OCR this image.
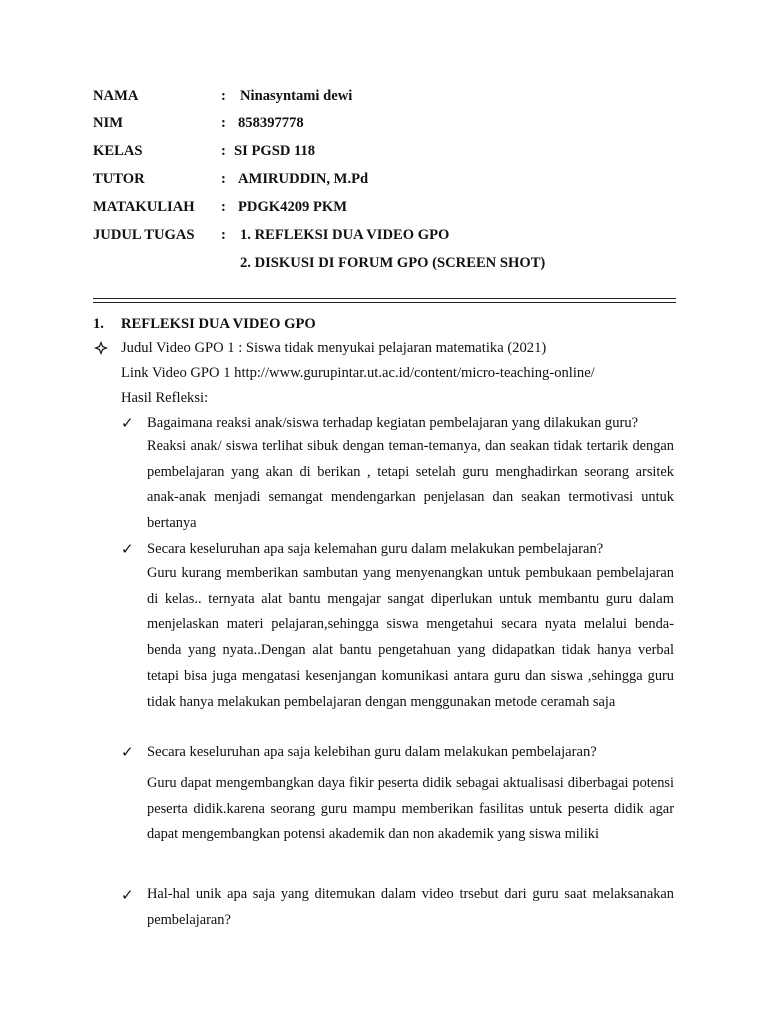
NAMA	: Ninasyntami dewi
NIM	: 858397778
KELAS	: SI PGSD 118
TUTOR	: AMIRUDDIN, M.Pd
MATAKULIAH : PDGK4209 PKM
JUDUL TUGAS : 1. REFLEKSI DUA VIDEO GPO
2. DISKUSI DI FORUM GPO (SCREEN SHOT)
1. REFLEKSI DUA VIDEO GPO
Judul Video GPO 1 : Siswa tidak menyukai pelajaran matematika (2021)
Link Video GPO 1 http://www.gurupintar.ut.ac.id/content/micro-teaching-online/
Hasil Refleksi:
✓ Bagaimana reaksi anak/siswa terhadap kegiatan pembelajaran yang dilakukan guru?
Reaksi anak/ siswa terlihat sibuk dengan teman-temanya, dan seakan tidak tertarik dengan pembelajaran yang akan di berikan , tetapi setelah guru menghadirkan seorang arsitek anak-anak menjadi semangat mendengarkan penjelasan dan seakan termotivasi untuk bertanya
✓ Secara keseluruhan apa saja kelemahan guru dalam melakukan pembelajaran?
Guru kurang memberikan sambutan yang menyenangkan untuk pembukaan pembelajaran di kelas.. ternyata alat bantu mengajar sangat diperlukan untuk membantu guru dalam menjelaskan materi pelajaran,sehingga siswa mengetahui secara nyata melalui benda-benda yang nyata..Dengan alat bantu pengetahuan yang didapatkan tidak hanya verbal tetapi bisa juga mengatasi kesenjangan komunikasi antara guru dan siswa ,sehingga guru tidak hanya melakukan pembelajaran dengan menggunakan metode ceramah saja
✓ Secara keseluruhan apa saja kelebihan guru dalam melakukan pembelajaran?
Guru dapat mengembangkan daya fikir peserta didik sebagai aktualisasi diberbagai potensi peserta didik.karena seorang guru mampu memberikan fasilitas untuk peserta didik agar dapat mengembangkan potensi akademik dan non akademik yang siswa miliki
✓ Hal-hal unik apa saja yang ditemukan dalam video trsebut dari guru saat melaksanakan pembelajaran?
